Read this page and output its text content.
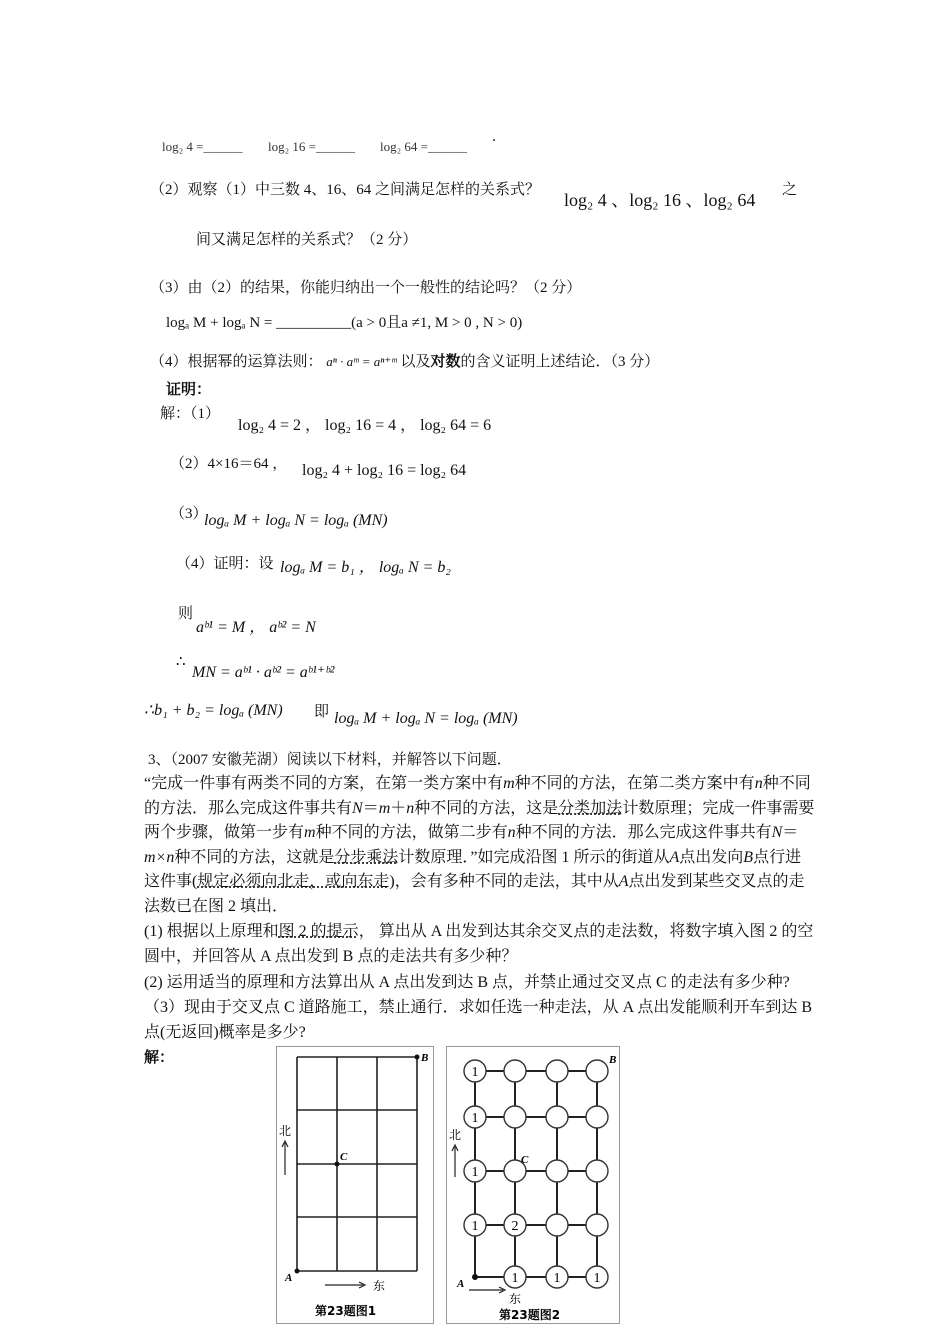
log₂ 4 =______ log₂ 16 =______ log₂ 64 =______
.
（2）观察（1）中三数 4、16、64 之间满足怎样的关系式？ log₂ 4 、log₂ 16 、log₂ 64 之
间又满足怎样的关系式？（2 分）
（3）由（2）的结果，你能归纳出一个一般性的结论吗？（2 分）
logₐ M + logₐ N = __________(a > 0且a ≠1, M > 0 , N > 0)
（4）根据幂的运算法则： aⁿ · aᵐ = aⁿ⁺ᵐ 以及对数的含义证明上述结论．（3 分）
证明：
解：（1）
log₂ 4 = 2 ， log₂ 16 = 4 ， log₂ 64 = 6
（2）4×16＝64 ， log₂ 4 + log₂ 16 = log₂ 64
（3）
logₐ M + logₐ N = logₐ (MN)
（4）证明：设 logₐ M = b₁ ， logₐ N = b₂
则
aᵇ¹ = M ， aᵇ² = N
∴
MN = aᵇ¹ · aᵇ² = aᵇ¹⁺ᵇ²
∴b₁ + b₂ = logₐ (MN) 即 logₐ M + logₐ N = logₐ (MN)
3、（2007 安徽芜湖）阅读以下材料，并解答以下问题．
“完成一件事有两类不同的方案，在第一类方案中有m种不同的方法，在第二类方案中有n种不同的方法．那么完成这件事共有N＝m＋n种不同的方法，这是分类加法计数原理；完成一件事需要两个步骤，做第一步有m种不同的方法，做第二步有n种不同的方法．那么完成这件事共有N＝m×n种不同的方法，这就是分步乘法计数原理．”如完成沿图 1 所示的街道从A点出发向B点行进这件事(规定必须向北走，或向东走)，会有多种不同的走法，其中从A点出发到某些交叉点的走法数已在图 2 填出．
(1) 根据以上原理和图 2 的提示， 算出从 A 出发到达其余交叉点的走法数，将数字填入图 2 的空圆中，并回答从 A 点出发到 B 点的走法共有多少种？
(2) 运用适当的原理和方法算出从 A 点出发到达 B 点，并禁止通过交叉点 C 的走法有多少种?
（3）现由于交叉点 C 道路施工，禁止通行．求如任选一种走法，从 A 点出发能顺利开车到达 B 点(无返回)概率是多少?
解：	B
C
A
北
东
第23题图1
1
1
1
1 2
1	1 1
B
C
A
北
东
第23题图2
